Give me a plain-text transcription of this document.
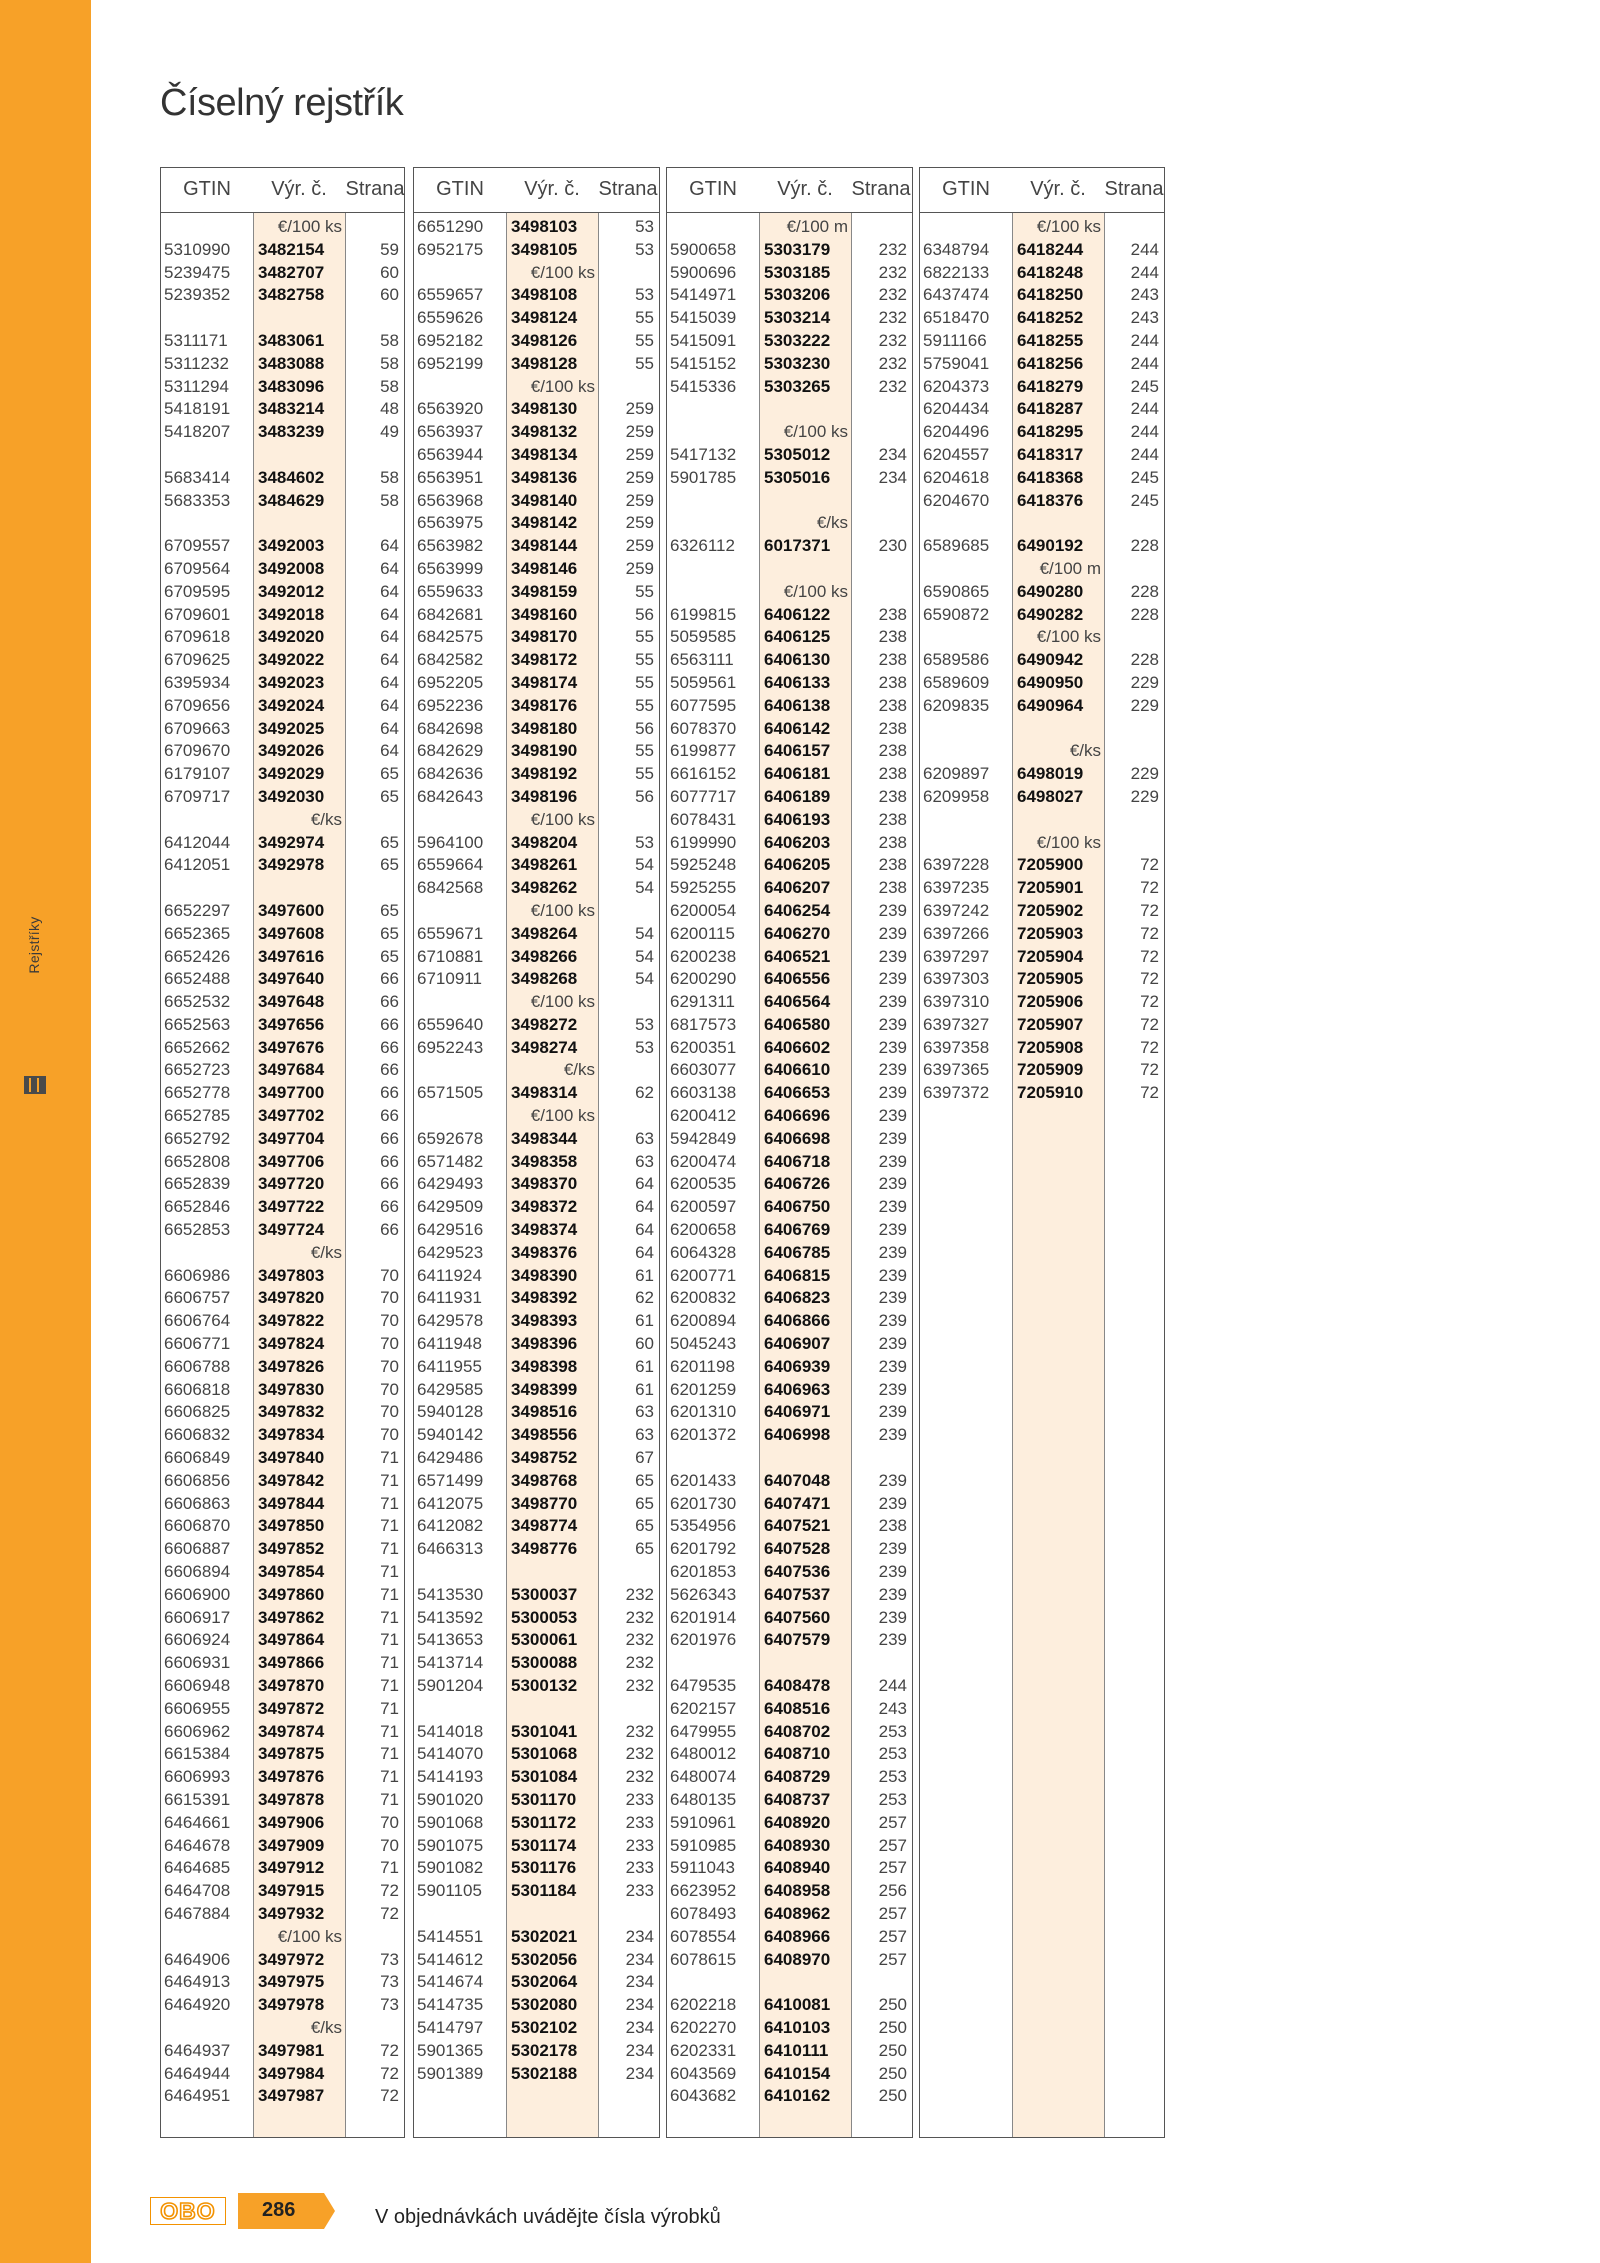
Rejstříky
Číselný rejstřík
GTIN	Výr. č. Strana
€/100 ks
5310990	3482154	59
5239475	3482707	60
5239352	3482758	60
5311171	3483061	58
5311232	3483088	58
5311294	3483096	58
5418191	3483214	48
5418207	3483239	49
5683414	3484602	58
5683353	3484629	58
6709557	3492003	64
6709564	3492008	64
6709595	3492012	64
6709601	3492018	64
6709618	3492020	64
6709625	3492022	64
6395934	3492023	64
6709656	3492024	64
6709663	3492025	64
6709670	3492026	64
6179107	3492029	65
6709717	3492030	65
€/ks
6412044	3492974	65
6412051	3492978	65
6652297	3497600	65
6652365	3497608	65
6652426	3497616	65
6652488	3497640	66
6652532	3497648	66
6652563	3497656	66
6652662	3497676	66
6652723	3497684	66
6652778	3497700	66
6652785	3497702	66
6652792	3497704	66
6652808	3497706	66
6652839	3497720	66
6652846	3497722	66
6652853	3497724	66
€/ks
6606986	3497803	70
6606757	3497820	70
6606764	3497822	70
6606771	3497824	70
6606788	3497826	70
6606818	3497830	70
6606825	3497832	70
6606832	3497834	70
6606849	3497840	71
6606856	3497842	71
6606863	3497844	71
6606870	3497850	71
6606887	3497852	71
6606894	3497854	71
6606900	3497860	71
6606917	3497862	71
6606924	3497864	71
6606931	3497866	71
6606948	3497870	71
6606955	3497872	71
6606962	3497874	71
6615384	3497875	71
6606993	3497876	71
6615391	3497878	71
6464661	3497906	70
6464678	3497909	70
6464685	3497912	71
6464708	3497915	72
6467884	3497932	72
€/100 ks
6464906	3497972	73
6464913	3497975	73
6464920	3497978	73
€/ks
6464937	3497981	72
6464944	3497984	72
6464951	3497987	72
GTIN	Výr. č. Strana
6651290	3498103	53
6952175	3498105	53
€/100 ks
6559657	3498108	53
6559626	3498124	55
6952182	3498126	55
6952199	3498128	55
€/100 ks
6563920	3498130	259
6563937	3498132	259
6563944	3498134	259
6563951	3498136	259
6563968	3498140	259
6563975	3498142	259
6563982	3498144	259
6563999	3498146	259
6559633	3498159	55
6842681	3498160	56
6842575	3498170	55
6842582	3498172	55
6952205	3498174	55
6952236	3498176	55
6842698	3498180	56
6842629	3498190	55
6842636	3498192	55
6842643	3498196	56
€/100 ks
5964100	3498204	53
6559664	3498261	54
6842568	3498262	54
€/100 ks
6559671	3498264	54
6710881	3498266	54
6710911	3498268	54
€/100 ks
6559640	3498272	53
6952243	3498274	53
€/ks
6571505	3498314	62
€/100 ks
6592678	3498344	63
6571482	3498358	63
6429493	3498370	64
6429509	3498372	64
6429516	3498374	64
6429523	3498376	64
6411924	3498390	61
6411931	3498392	62
6429578	3498393	61
6411948	3498396	60
6411955	3498398	61
6429585	3498399	61
5940128	3498516	63
5940142	3498556	63
6429486	3498752	67
6571499	3498768	65
6412075	3498770	65
6412082	3498774	65
6466313	3498776	65
5413530	5300037	232
5413592	5300053	232
5413653	5300061	232
5413714	5300088	232
5901204	5300132	232
5414018	5301041	232
5414070	5301068	232
5414193	5301084	232
5901020	5301170	233
5901068	5301172	233
5901075	5301174	233
5901082	5301176	233
5901105	5301184	233
5414551	5302021	234
5414612	5302056	234
5414674	5302064	234
5414735	5302080	234
5414797	5302102	234
5901365	5302178	234
5901389	5302188	234
GTIN	Výr. č. Strana
€/100 m
5900658	5303179	232
5900696	5303185	232
5414971	5303206	232
5415039	5303214	232
5415091	5303222	232
5415152	5303230	232
5415336	5303265	232
€/100 ks
5417132	5305012	234
5901785	5305016	234
€/ks
6326112	6017371	230
€/100 ks
6199815	6406122	238
5059585	6406125	238
6563111	6406130	238
5059561	6406133	238
6077595	6406138	238
6078370	6406142	238
6199877	6406157	238
6616152	6406181	238
6077717	6406189	238
6078431	6406193	238
6199990	6406203	238
5925248	6406205	238
5925255	6406207	238
6200054	6406254	239
6200115	6406270	239
6200238	6406521	239
6200290	6406556	239
6291311	6406564	239
6817573	6406580	239
6200351	6406602	239
6603077	6406610	239
6603138	6406653	239
6200412	6406696	239
5942849	6406698	239
6200474	6406718	239
6200535	6406726	239
6200597	6406750	239
6200658	6406769	239
6064328	6406785	239
6200771	6406815	239
6200832	6406823	239
6200894	6406866	239
5045243	6406907	239
6201198	6406939	239
6201259	6406963	239
6201310	6406971	239
6201372	6406998	239
6201433	6407048	239
6201730	6407471	239
5354956	6407521	238
6201792	6407528	239
6201853	6407536	239
5626343	6407537	239
6201914	6407560	239
6201976	6407579	239
6479535	6408478	244
6202157	6408516	243
6479955	6408702	253
6480012	6408710	253
6480074	6408729	253
6480135	6408737	253
5910961	6408920	257
5910985	6408930	257
5911043	6408940	257
6623952	6408958	256
6078493	6408962	257
6078554	6408966	257
6078615	6408970	257
6202218	6410081	250
6202270	6410103	250
6202331	6410111	250
6043569	6410154	250
6043682	6410162	250
GTIN	Výr. č. Strana
€/100 ks
6348794	6418244	244
6822133	6418248	244
6437474	6418250	243
6518470	6418252	243
5911166	6418255	244
5759041	6418256	244
6204373	6418279	245
6204434	6418287	244
6204496	6418295	244
6204557	6418317	244
6204618	6418368	245
6204670	6418376	245
6589685	6490192	228
€/100 m
6590865	6490280	228
6590872	6490282	228
€/100 ks
6589586	6490942	228
6589609	6490950	229
6209835	6490964	229
€/ks
6209897	6498019	229
6209958	6498027	229
€/100 ks
6397228	7205900	72
6397235	7205901	72
6397242	7205902	72
6397266	7205903	72
6397297	7205904	72
6397303	7205905	72
6397310	7205906	72
6397327	7205907	72
6397358	7205908	72
6397365	7205909	72
6397372	7205910	72
OBO 286	V objednávkách uvádějte čísla výrobků
